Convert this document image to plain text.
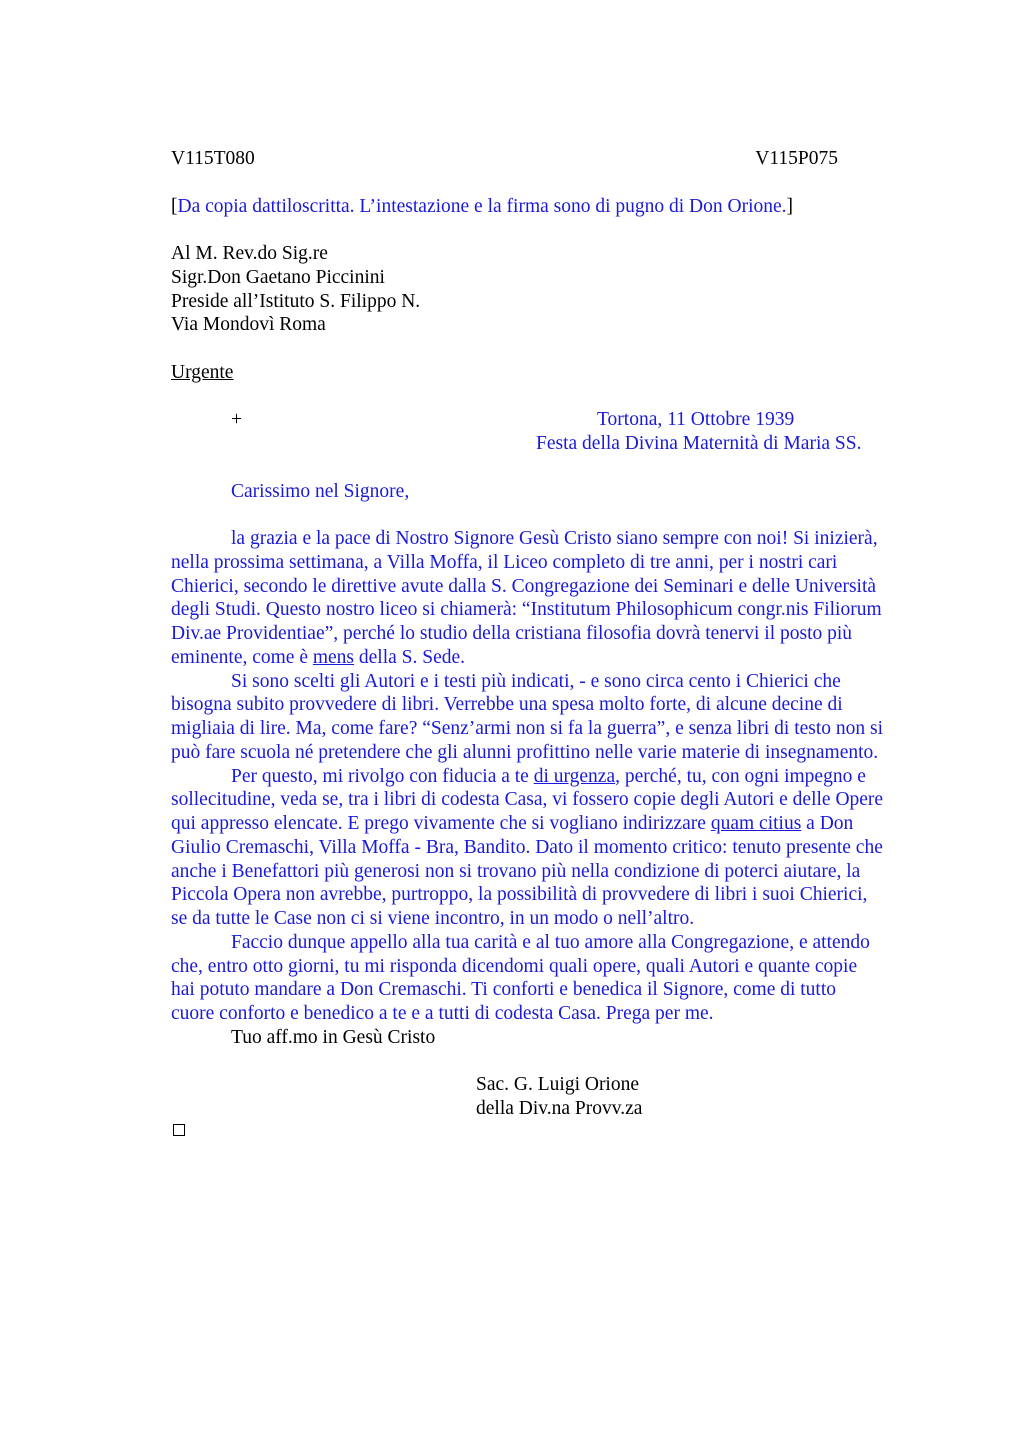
V115T080	V115P075
[Da copia dattiloscritta. L’intestazione e la firma sono di pugno di Don Orione.]
Al M. Rev.do Sig.re
Sigr.Don Gaetano Piccinini
Preside all’Istituto S. Filippo N.
Via Mondovì Roma
Urgente
+	Tortona, 11 Ottobre 1939
Festa della Divina Maternità di Maria SS.
Carissimo nel Signore,
la grazia e la pace di Nostro Signore Gesù Cristo siano sempre con noi! Si inizierà,
nella prossima settimana, a Villa Moffa, il Liceo completo di tre anni, per i nostri cari
Chierici, secondo le direttive avute dalla S. Congregazione dei Seminari e delle Università
degli Studi. Questo nostro liceo si chiamerà: “Institutum Philosophicum congr.nis Filiorum
Div.ae Providentiae”, perché lo studio della cristiana filosofia dovrà tenervi il posto più
eminente, come è mens della S. Sede.
Si sono scelti gli Autori e i testi più indicati, - e sono circa cento i Chierici che
bisogna subito provvedere di libri. Verrebbe una spesa molto forte, di alcune decine di
migliaia di lire. Ma, come fare? “Senz’armi non si fa la guerra”, e senza libri di testo non si
può fare scuola né pretendere che gli alunni profittino nelle varie materie di insegnamento.
Per questo, mi rivolgo con fiducia a te di urgenza, perché, tu, con ogni impegno e
sollecitudine, veda se, tra i libri di codesta Casa, vi fossero copie degli Autori e delle Opere
qui appresso elencate. E prego vivamente che si vogliano indirizzare quam citius a Don
Giulio Cremaschi, Villa Moffa - Bra, Bandito. Dato il momento critico: tenuto presente che
anche i Benefattori più generosi non si trovano più nella condizione di poterci aiutare, la
Piccola Opera non avrebbe, purtroppo, la possibilità di provvedere di libri i suoi Chierici,
se da tutte le Case non ci si viene incontro, in un modo o nell’altro.
Faccio dunque appello alla tua carità e al tuo amore alla Congregazione, e attendo
che, entro otto giorni, tu mi risponda dicendomi quali opere, quali Autori e quante copie
hai potuto mandare a Don Cremaschi. Ti conforti e benedica il Signore, come di tutto
cuore conforto e benedico a te e a tutti di codesta Casa. Prega per me.
Tuo aff.mo in Gesù Cristo
Sac. G. Luigi Orione
della Div.na Provv.za
